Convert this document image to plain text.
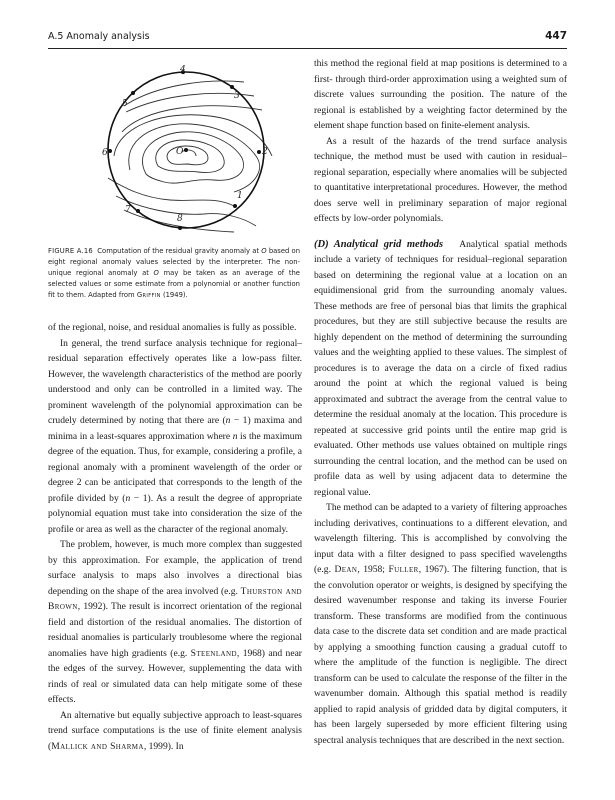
A.5 Anomaly analysis	447
1
2
3
4
5
6
7
8
O

FIGURE A.16 Computation of the residual gravity anomaly at O based on eight regional anomaly values selected by the interpreter. The non-unique regional anomaly at O may be taken as an average of the selected values or some estimate from a polynomial or another function fit to them. Adapted from Griffin (1949).

of the regional, noise, and residual anomalies is fully as possible.

In general, the trend surface analysis technique for regional–residual separation effectively operates like a low-pass filter. However, the wavelength characteristics of the method are poorly understood and only can be controlled in a limited way. The prominent wavelength of the polynomial approximation can be crudely determined by noting that there are (n − 1) maxima and minima in a least-squares approximation where n is the maximum degree of the equation. Thus, for example, considering a profile, a regional anomaly with a prominent wavelength of the order or degree 2 can be anticipated that corresponds to the length of the profile divided by (n − 1). As a result the degree of appropriate polynomial equation must take into consideration the size of the profile or area as well as the character of the regional anomaly.

The problem, however, is much more complex than suggested by this approximation. For example, the application of trend surface analysis to maps also involves a directional bias depending on the shape of the area involved (e.g. Thurston and Brown, 1992). The result is incorrect orientation of the regional field and distortion of the residual anomalies. The distortion of residual anomalies is particularly troublesome where the regional anomalies have high gradients (e.g. Steenland, 1968) and near the edges of the survey. However, supplementing the data with rinds of real or simulated data can help mitigate some of these effects.

An alternative but equally subjective approach to least-squares trend surface computations is the use of finite element analysis (Mallick and Sharma, 1999). In

this method the regional field at map positions is determined to a first- through third-order approximation using a weighted sum of discrete values surrounding the position. The nature of the regional is established by a weighting factor determined by the element shape function based on finite-element analysis.

As a result of the hazards of the trend surface analysis technique, the method must be used with caution in residual–regional separation, especially where anomalies will be subjected to quantitative interpretational procedures. However, the method does serve well in preliminary separation of major regional effects by low-order polynomials.

(D) Analytical grid methods Analytical spatial methods include a variety of techniques for residual–regional separation based on determining the regional value at a location on an equidimensional grid from the surrounding anomaly values. These methods are free of personal bias that limits the graphical procedures, but they are still subjective because the results are highly dependent on the method of determining the surrounding values and the weighting applied to these values. The simplest of procedures is to average the data on a circle of fixed radius around the point at which the regional valued is being approximated and subtract the average from the central value to determine the residual anomaly at the location. This procedure is repeated at successive grid points until the entire map grid is evaluated. Other methods use values obtained on multiple rings surrounding the central location, and the method can be used on profile data as well by using adjacent data to determine the regional value.

The method can be adapted to a variety of filtering approaches including derivatives, continuations to a different elevation, and wavelength filtering. This is accomplished by convolving the input data with a filter designed to pass specified wavelengths (e.g. Dean, 1958; Fuller, 1967). The filtering function, that is the convolution operator or weights, is designed by specifying the desired wavenumber response and taking its inverse Fourier transform. These transforms are modified from the continuous data case to the discrete data set condition and are made practical by applying a smoothing function causing a gradual cutoff to where the amplitude of the function is negligible. The direct transform can be used to calculate the response of the filter in the wavenumber domain. Although this spatial method is readily applied to rapid analysis of gridded data by digital computers, it has been largely superseded by more efficient filtering using spectral analysis techniques that are described in the next section.
